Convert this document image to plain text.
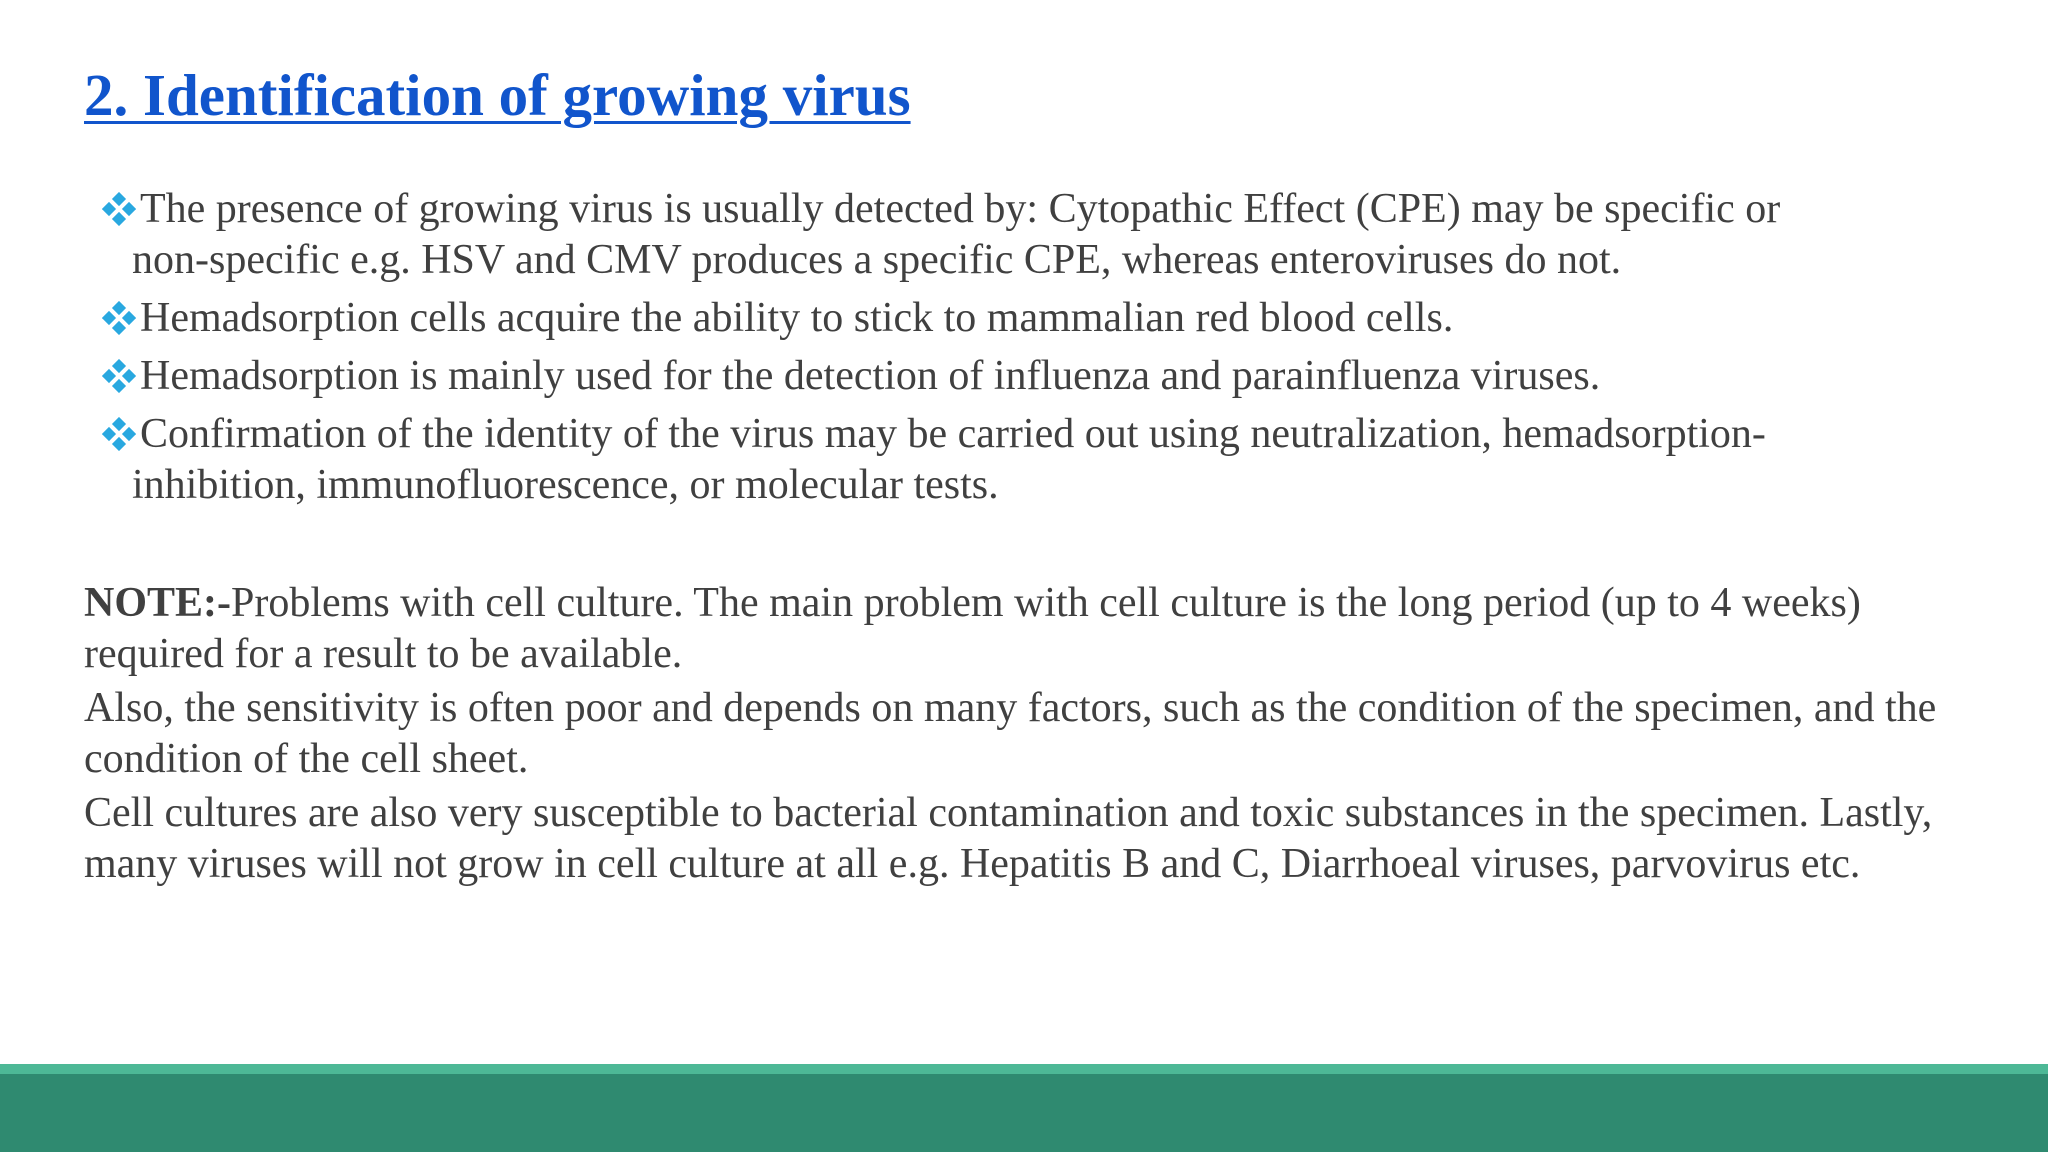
2. Identification of growing virus
The presence of growing virus is usually detected by: Cytopathic Effect (CPE) may be specific or
non-specific e.g. HSV and CMV produces a specific CPE, whereas enteroviruses do not.
Hemadsorption cells acquire the ability to stick to mammalian red blood cells.
Hemadsorption is mainly used for the detection of influenza and parainfluenza viruses.
Confirmation of the identity of the virus may be carried out using neutralization, hemadsorption-
inhibition, immunofluorescence, or molecular tests.

NOTE:-Problems with cell culture. The main problem with cell culture is the long period (up to 4 weeks) required for a result to be available.

Also, the sensitivity is often poor and depends on many factors, such as the condition of the specimen, and the condition of the cell sheet.

Cell cultures are also very susceptible to bacterial contamination and toxic substances in the specimen. Lastly, many viruses will not grow in cell culture at all e.g. Hepatitis B and C, Diarrhoeal viruses, parvovirus etc.
